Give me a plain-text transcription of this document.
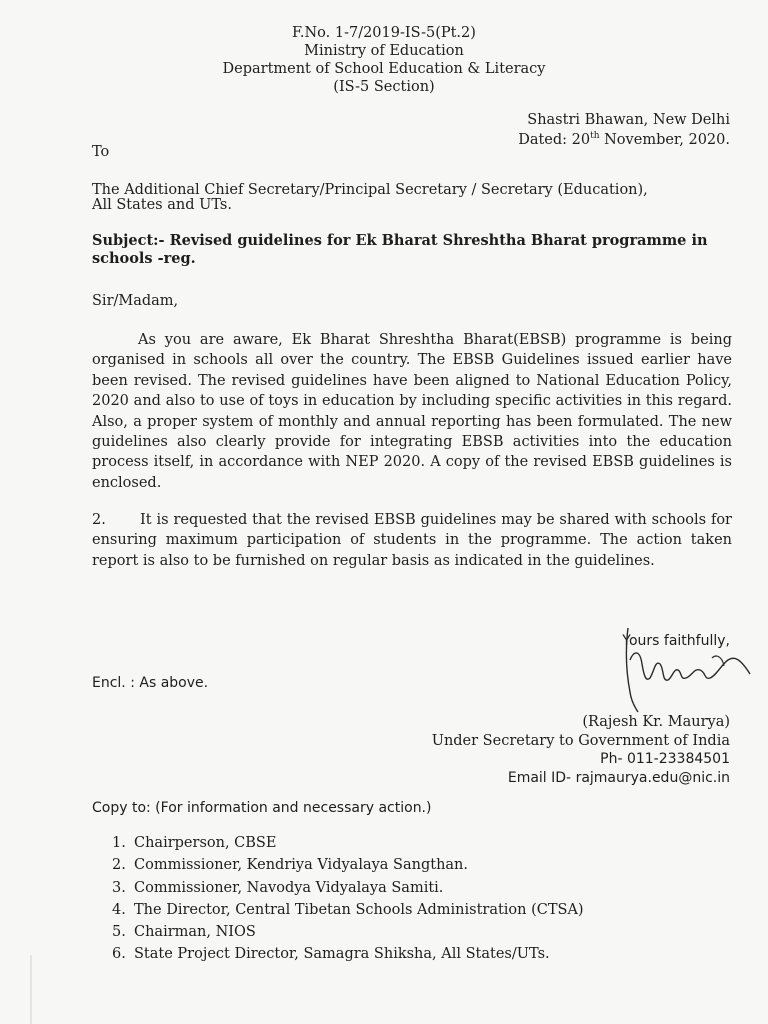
F.No. 1-7/2019-IS-5(Pt.2)
Ministry of Education
Department of School Education & Literacy
(IS-5 Section)
Shastri Bhawan, New Delhi
Dated: 20th November, 2020.
To
The Additional Chief Secretary/Principal Secretary / Secretary (Education),
All States and UTs.
Subject:- Revised guidelines for Ek Bharat Shreshtha Bharat programme in schools -reg.
Sir/Madam,

As you are aware, Ek Bharat Shreshtha Bharat(EBSB) programme is being organised in schools all over the country. The EBSB Guidelines issued earlier have been revised. The revised guidelines have been aligned to National Education Policy, 2020 and also to use of toys in education by including specific activities in this regard. Also, a proper system of monthly and annual reporting has been formulated. The new guidelines also clearly provide for integrating EBSB activities into the education process itself, in accordance with NEP 2020. A copy of the revised EBSB guidelines is enclosed.

2.       It is requested that the revised EBSB guidelines may be shared with schools for ensuring maximum participation of students in the programme. The action taken report is also to be furnished on regular basis as indicated in the guidelines.

Yours faithfully,
Encl. : As above.
(Rajesh Kr. Maurya)
Under Secretary to Government of India
Ph- 011-23384501
Email ID- rajmaurya.edu@nic.in
Copy to: (For information and necessary action.)
1. Chairperson, CBSE
2. Commissioner, Kendriya Vidyalaya Sangthan.
3. Commissioner, Navodya Vidyalaya Samiti.
4. The Director, Central Tibetan Schools Administration (CTSA)
5. Chairman, NIOS
6. State Project Director, Samagra Shiksha, All States/UTs.
